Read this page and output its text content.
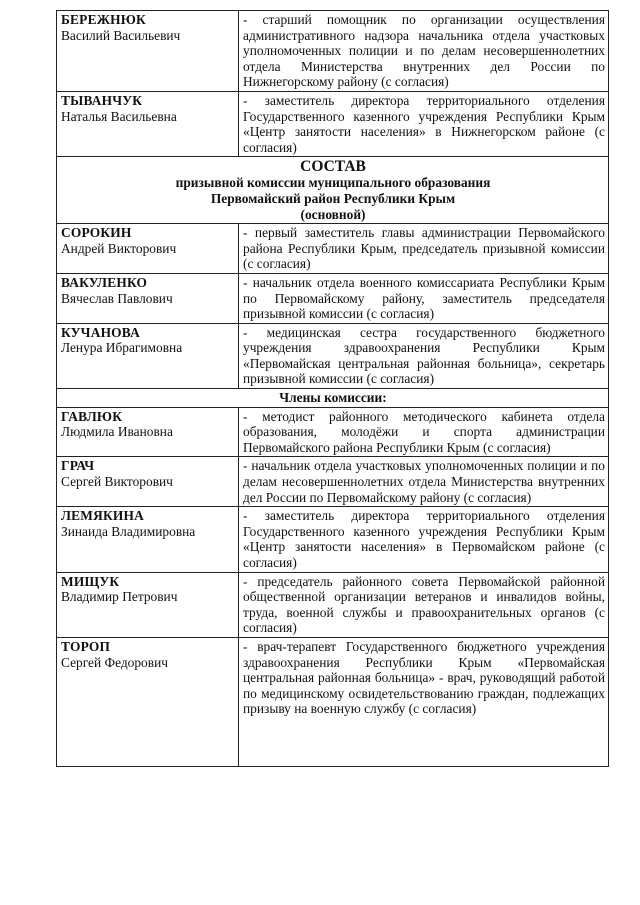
БЕРЕЖНЮК
Василий Васильевич	- старший помощник по организации осуществления административного надзора начальника отдела участковых уполномоченных полиции и по делам несовершеннолетних отдела Министерства внутренних дел России по Нижнегорскому району (с согласия)

ТЫВАНЧУК
Наталья Васильевна	- заместитель директора территориального отделения Государственного казенного учреждения Республики Крым «Центр занятости населения» в Нижнегорском районе (с согласия)

СОСТАВ
призывной комиссии муниципального образования
Первомайский район Республики Крым
(основной)	

СОРОКИН
Андрей Викторович	- первый заместитель главы администрации Первомайского района Республики Крым, председатель призывной комиссии (с согласия)

ВАКУЛЕНКО
Вячеслав Павлович	- начальник отдела военного комиссариата Республики Крым по Первомайскому району, заместитель председателя призывной комиссии (с согласия)

КУЧАНОВА
Ленура Ибрагимовна	- медицинская сестра государственного бюджетного учреждения здравоохранения Республики Крым «Первомайская центральная районная больница», секретарь призывной комиссии (с согласия)
Члены комиссии:	

ГАВЛЮК
Людмила Ивановна	- методист районного методического кабинета отдела образования, молодёжи и спорта администрации Первомайского района Республики Крым (с согласия)

ГРАЧ
Сергей Викторович	- начальник отдела участковых уполномоченных полиции и по делам несовершеннолетних отдела Министерства внутренних дел России по Первомайскому району (с согласия)

ЛЕМЯКИНА
Зинаида Владимировна	- заместитель директора территориального отделения Государственного казенного учреждения Республики Крым «Центр занятости населения» в Первомайском районе (с согласия)

МИЩУК
Владимир Петрович	- председатель районного совета Первомайской районной общественной организации ветеранов и инвалидов войны, труда, военной службы и правоохранительных органов (с согласия)

ТОРОП
Сергей Федорович	- врач-терапевт Государственного бюджетного учреждения здравоохранения Республики Крым «Первомайская центральная районная больница» - врач, руководящий работой по медицинскому освидетельствованию граждан, подлежащих призыву на военную службу (с согласия)
